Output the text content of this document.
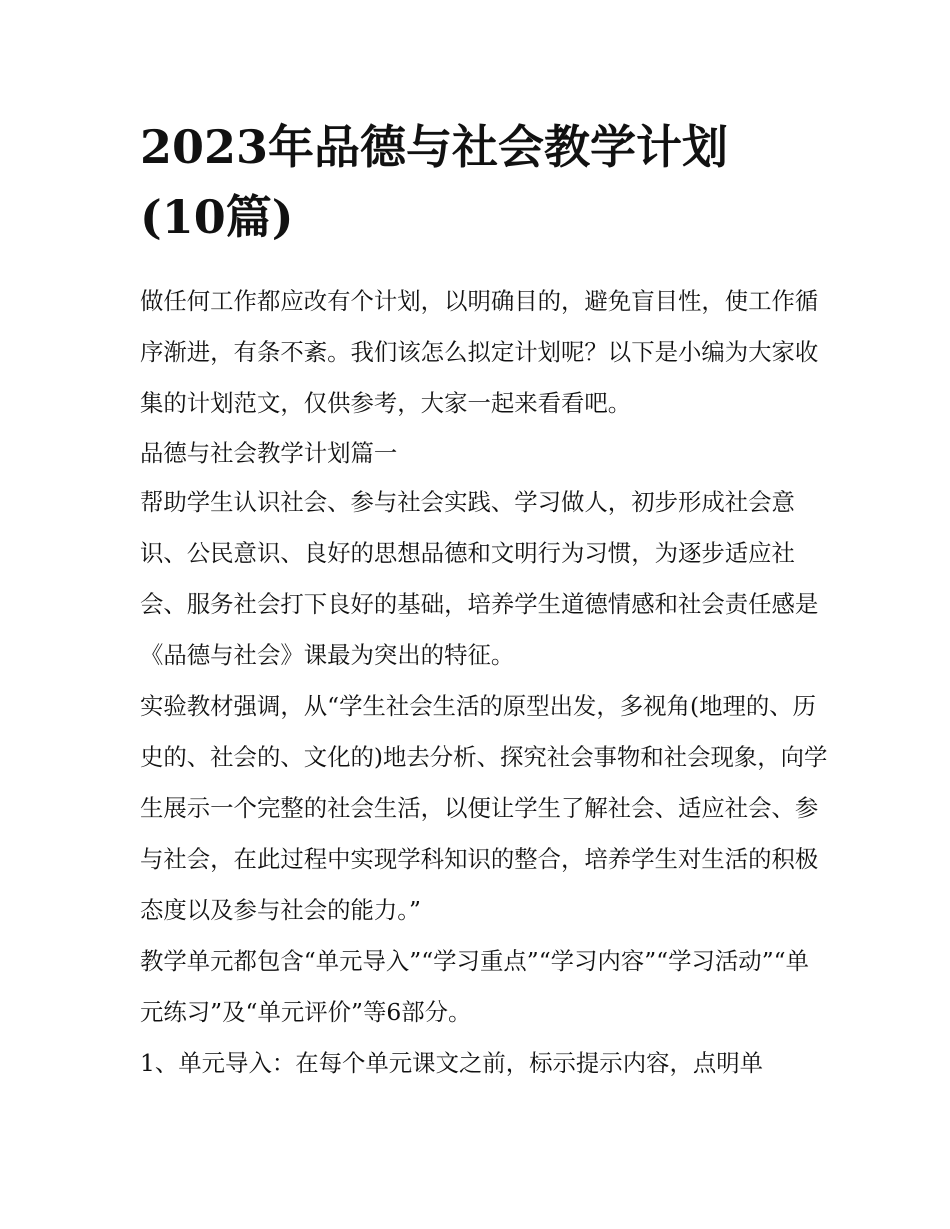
2023年品德与社会教学计划
(10篇)

做任何工作都应改有个计划，以明确目的，避免盲目性，使工作循序渐进，有条不紊。我们该怎么拟定计划呢？以下是小编为大家收集的计划范文，仅供参考，大家一起来看看吧。

品德与社会教学计划篇一

帮助学生认识社会、参与社会实践、学习做人，初步形成社会意识、公民意识、良好的思想品德和文明行为习惯，为逐步适应社会、服务社会打下良好的基础，培养学生道德情感和社会责任感是《品德与社会》课最为突出的特征。

实验教材强调，从“学生社会生活的原型出发，多视角(地理的、历史的、社会的、文化的)地去分析、探究社会事物和社会现象，向学生展示一个完整的社会生活，以便让学生了解社会、适应社会、参与社会，在此过程中实现学科知识的整合，培养学生对生活的积极态度以及参与社会的能力。”

教学单元都包含“单元导入”“学习重点”“学习内容”“学习活动”“单元练习”及“单元评价”等6部分。

1、单元导入：在每个单元课文之前，标示提示内容，点明单
